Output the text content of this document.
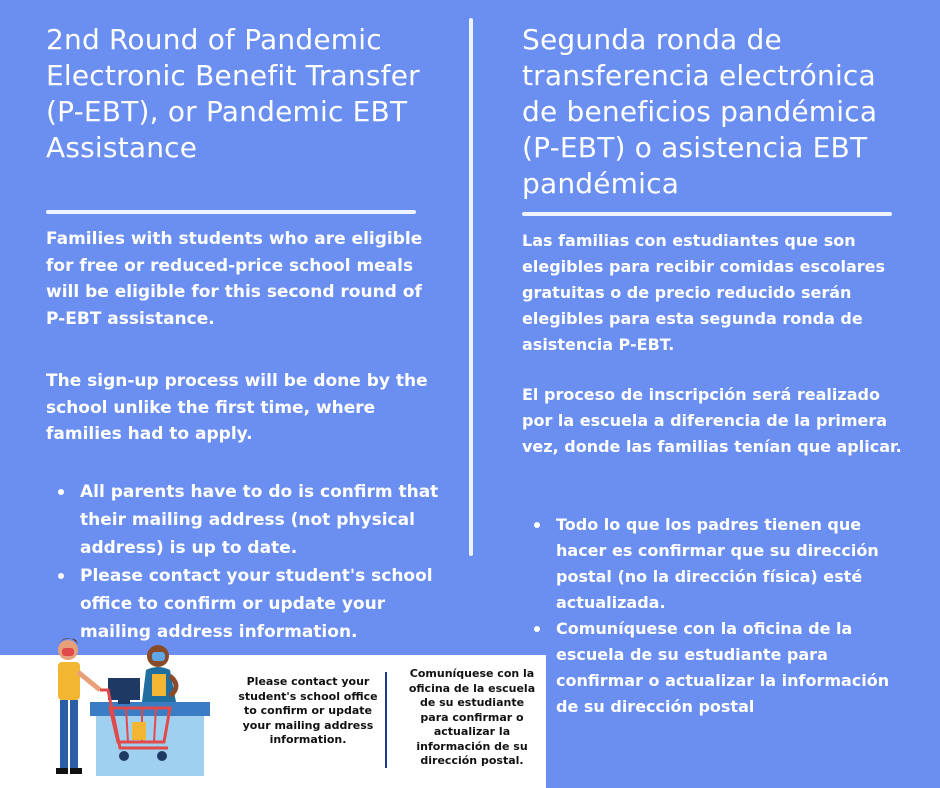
2nd Round of Pandemic Electronic Benefit Transfer (P-EBT), or Pandemic EBT Assistance

Families with students who are eligible for free or reduced-price school meals will be eligible for this second round of P-EBT assistance.

The sign-up process will be done by the school unlike the first time, where families had to apply.

All parents have to do is confirm that their mailing address (not physical address) is up to date.
Please contact your student's school office to confirm or update your mailing address information.
Segunda ronda de transferencia electrónica de beneficios pandémica (P-EBT) o asistencia EBT pandémica

Las familias con estudiantes que son elegibles para recibir comidas escolares gratuitas o de precio reducido serán elegibles para esta segunda ronda de asistencia P-EBT.

El proceso de inscripción será realizado por la escuela a diferencia de la primera vez, donde las familias tenían que aplicar.

Todo lo que los padres tienen que hacer es confirmar que su dirección postal (no la dirección física) esté actualizada.
Comuníquese con la oficina de la escuela de su estudiante para confirmar o actualizar la información de su dirección postal

Please contact your student's school office to confirm or update your mailing address information.

Comuníquese con la oficina de la escuela de su estudiante para confirmar o actualizar la información de su dirección postal.
